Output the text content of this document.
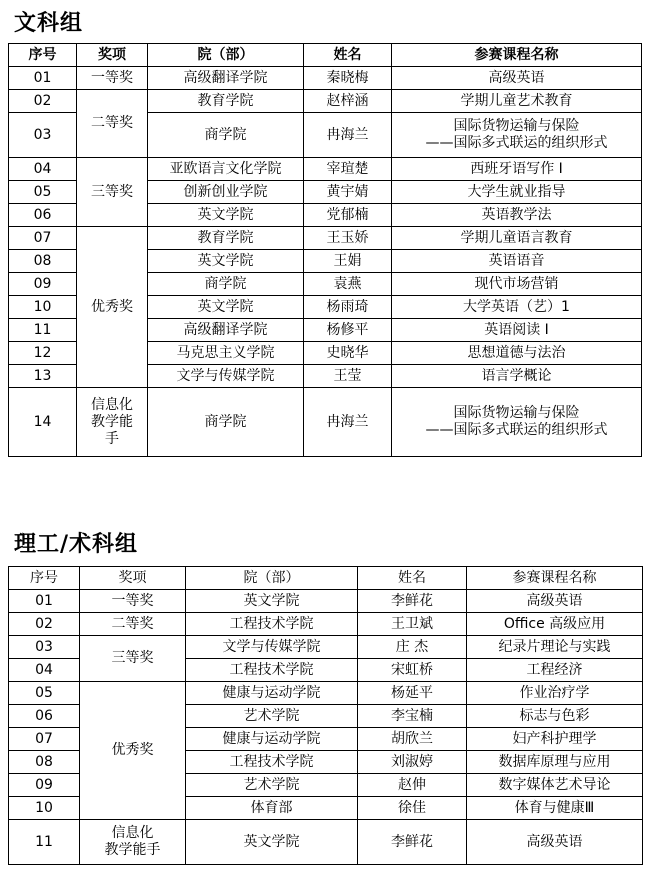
文科组
序号	奖项	院（部）	姓名	参赛课程名称
01	一等奖	高级翻译学院	秦晓梅	高级英语
02	二等奖	教育学院	赵梓涵	学期儿童艺术教育
03		商学院	冉海兰	国际货物运输与保险
——国际多式联运的组织形式

04	三等奖	亚欧语言文化学院	宰瑄楚	西班牙语写作 I
05		创新创业学院	黄宇婧	大学生就业指导
06		英文学院	党郁楠	英语教学法
07	优秀奖	教育学院	王玉娇	学期儿童语言教育
08		英文学院	王娟	英语语音
09		商学院	袁燕	现代市场营销
10		英文学院	杨雨琦	大学英语（艺）1
11		高级翻译学院	杨修平	英语阅读 I
12		马克思主义学院	史晓华	思想道德与法治
13		文学与传媒学院	王莹	语言学概论
14	信息化
教学能
手	商学院	冉海兰	国际货物运输与保险
——国际多式联运的组织形式
理工/术科组
序号	奖项	院（部）	姓名	参赛课程名称
01	一等奖	英文学院	李鲜花	高级英语
02	二等奖	工程技术学院	王卫斌	Office 高级应用
03	三等奖	文学与传媒学院	庄 杰	纪录片理论与实践
04		工程技术学院	宋虹桥	工程经济
05	优秀奖	健康与运动学院	杨延平	作业治疗学
06		艺术学院	李宝楠	标志与色彩
07		健康与运动学院	胡欣兰	妇产科护理学
08		工程技术学院	刘淑婷	数据库原理与应用
09		艺术学院	赵伸	数字媒体艺术导论
10		体育部	徐佳	体育与健康Ⅲ
11	信息化
教学能手	英文学院	李鲜花	高级英语
